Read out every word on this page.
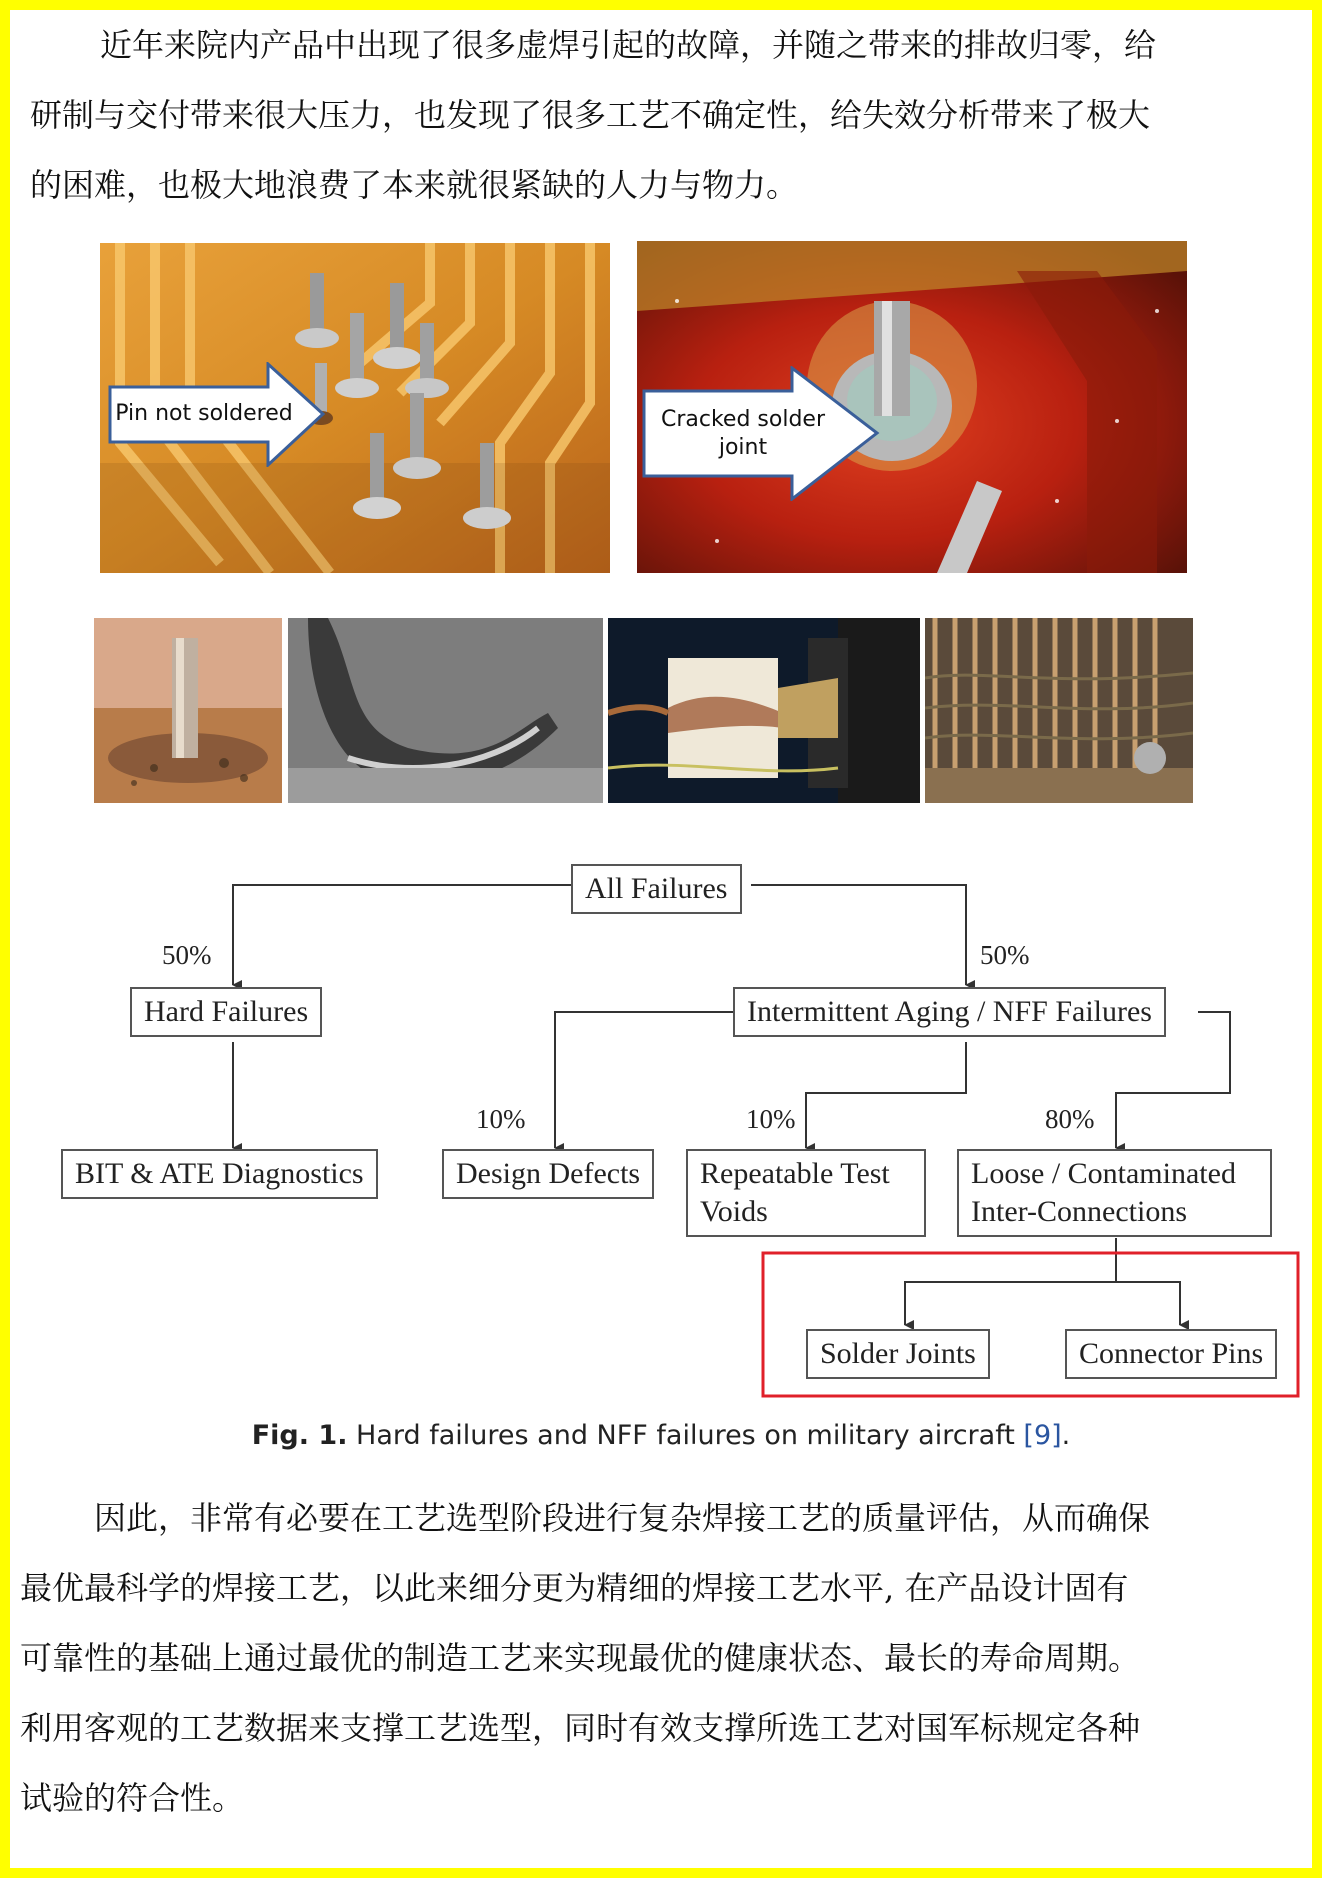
近年来院内产品中出现了很多虚焊引起的故障，并随之带来的排故归零，给
研制与交付带来很大压力，也发现了很多工艺不确定性，给失效分析带来了极大
的困难，也极大地浪费了本来就很紧缺的人力与物力。
Pin not soldered	Cracked solder
joint
All Failures
50%	50%
Hard Failures	Intermittent Aging / NFF Failures
10%	10%	80%
BIT & ATE Diagnostics	Design Defects	Repeatable Test
Voids
Loose / Contaminated
Inter-Connections
Solder Joints	Connector Pins
Fig. 1. Hard failures and NFF failures on military aircraft [9].
因此，非常有必要在工艺选型阶段进行复杂焊接工艺的质量评估，从而确保
最优最科学的焊接工艺，以此来细分更为精细的焊接工艺水平, 在产品设计固有
可靠性的基础上通过最优的制造工艺来实现最优的健康状态、最长的寿命周期。
利用客观的工艺数据来支撑工艺选型，同时有效支撑所选工艺对国军标规定各种
试验的符合性。
